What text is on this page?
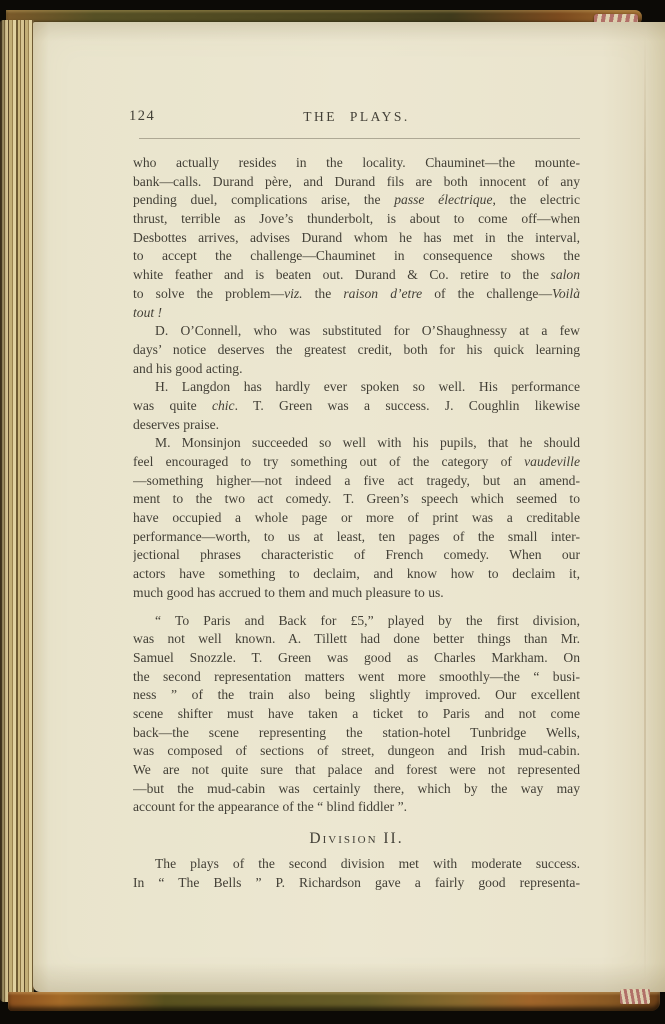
124	THE PLAYS.
who actually resides in the locality. Chauminet—the mounte-
bank—calls. Durand père, and Durand fils are both innocent of any
pending duel, complications arise, the passe électrique, the electric
thrust, terrible as Jove’s thunderbolt, is about to come off—when
Desbottes arrives, advises Durand whom he has met in the interval,
to accept the challenge—Chauminet in consequence shows the
white feather and is beaten out. Durand & Co. retire to the salon
to solve the problem—viz. the raison d’etre of the challenge—Voilà
tout !
D. O’Connell, who was substituted for O’Shaughnessy at a few
days’ notice deserves the greatest credit, both for his quick learning
and his good acting.
H. Langdon has hardly ever spoken so well. His performance
was quite chic. T. Green was a success. J. Coughlin likewise
deserves praise.
M. Monsinjon succeeded so well with his pupils, that he should
feel encouraged to try something out of the category of vaudeville
—something higher—not indeed a five act tragedy, but an amend-
ment to the two act comedy. T. Green’s speech which seemed to
have occupied a whole page or more of print was a creditable
performance—worth, to us at least, ten pages of the small inter-
jectional phrases characteristic of French comedy. When our
actors have something to declaim, and know how to declaim it,
much good has accrued to them and much pleasure to us.
“ To Paris and Back for £5,” played by the first division,
was not well known. A. Tillett had done better things than Mr.
Samuel Snozzle. T. Green was good as Charles Markham. On
the second representation matters went more smoothly—the “ busi-
ness ” of the train also being slightly improved. Our excellent
scene shifter must have taken a ticket to Paris and not come
back—the scene representing the station-hotel Tunbridge Wells,
was composed of sections of street, dungeon and Irish mud-cabin.
We are not quite sure that palace and forest were not represented
—but the mud-cabin was certainly there, which by the way may
account for the appearance of the “ blind fiddler ”.
Division II.
The plays of the second division met with moderate success.
In “ The Bells ” P. Richardson gave a fairly good representa-
